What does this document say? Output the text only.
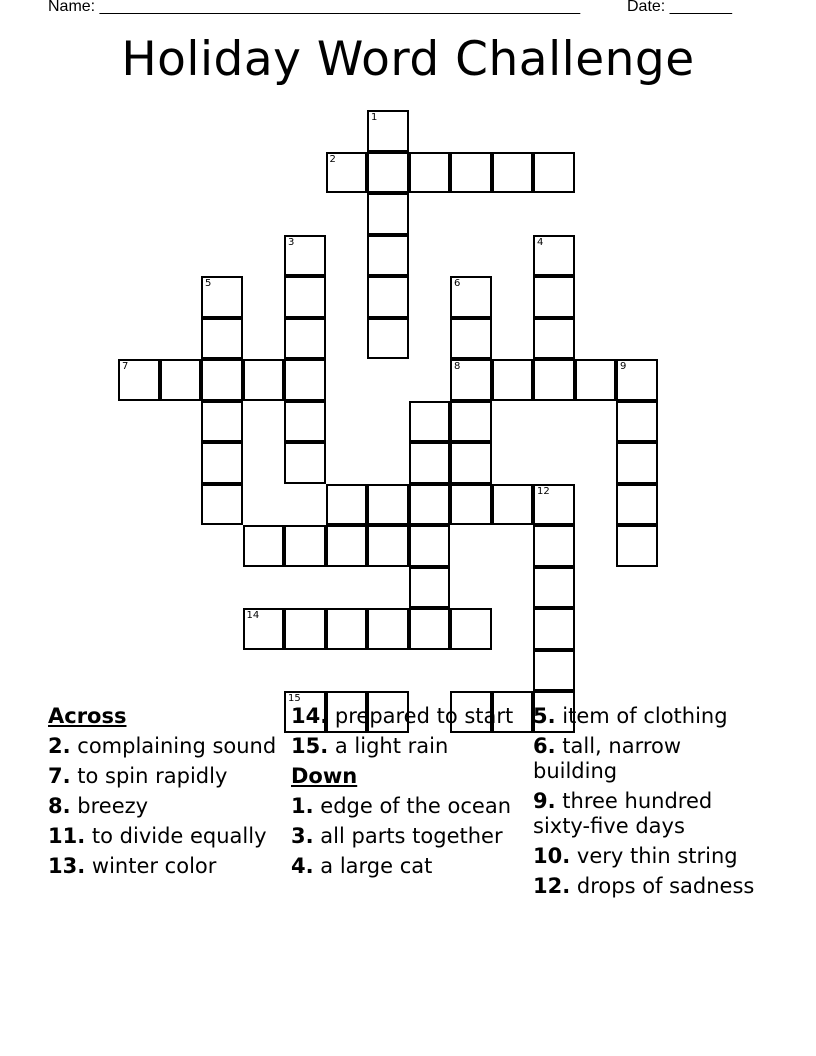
Name: ______________________________________________________	Date: _______
Holiday Word Challenge
1
2
3	4
5	6
8
7	9
12
14
15
Across
2. complaining sound
7. to spin rapidly
8. breezy
11. to divide equally
13. winter color
14. prepared to start
15. a light rain
Down
1. edge of the ocean
3. all parts together
4. a large cat
5. item of clothing
6. tall, narrow building
9. three hundred sixty-five days
10. very thin string
12. drops of sadness
